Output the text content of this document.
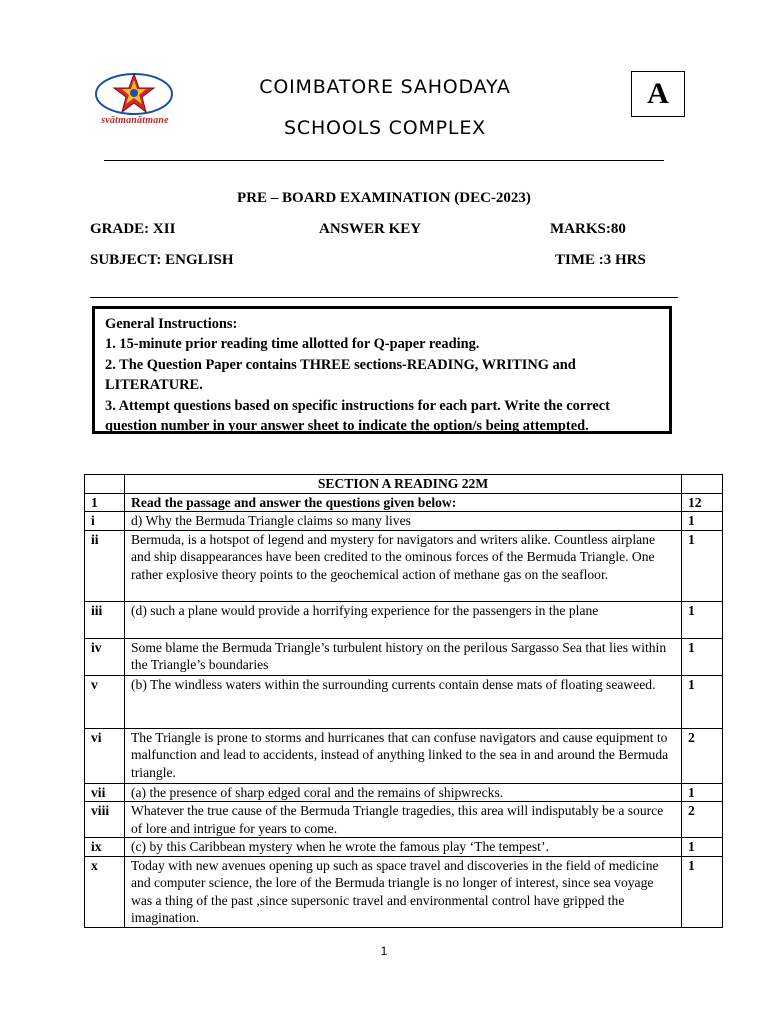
svātmanātmane
COIMBATORE SAHODAYA
SCHOOLS COMPLEX
A
PRE – BOARD EXAMINATION (DEC-2023)
GRADE: XII	ANSWER KEY	MARKS:80
SUBJECT: ENGLISH	TIME :3 HRS

General Instructions:

1. 15-minute prior reading time allotted for Q-paper reading.

2. The Question Paper contains THREE sections-READING, WRITING and LITERATURE.

3. Attempt questions based on specific instructions for each part. Write the correct question number in your answer sheet to indicate the option/s being attempted.

	SECTION A READING 22M	
1	Read the passage and answer the questions given below:	12
i	d) Why the Bermuda Triangle claims so many lives	1
ii	Bermuda, is a hotspot of legend and mystery for navigators and writers alike. Countless airplane and ship disappearances have been credited to the ominous forces of the Bermuda Triangle. One rather explosive theory points to the geochemical action of methane gas on the seafloor.	1
iii	(d) such a plane would provide a horrifying experience for the passengers in the plane	1
iv	Some blame the Bermuda Triangle’s turbulent history on the perilous Sargasso Sea that lies within the Triangle’s boundaries	1
v	(b) The windless waters within the surrounding currents contain dense mats of floating seaweed.	1
vi	The Triangle is prone to storms and hurricanes that can confuse navigators and cause equipment to malfunction and lead to accidents, instead of anything linked to the sea in and around the Bermuda triangle.	2
vii	(a) the presence of sharp edged coral and the remains of shipwrecks.	1
viii	Whatever the true cause of the Bermuda Triangle tragedies, this area will indisputably be a source of lore and intrigue for years to come.	2
ix	(c) by this Caribbean mystery when he wrote the famous play ‘The tempest’.	1
x	Today with new avenues opening up such as space travel and discoveries in the field of medicine and computer science, the lore of the Bermuda triangle is no longer of interest, since sea voyage was a thing of the past ,since supersonic travel and environmental control have gripped the imagination.	1
1
